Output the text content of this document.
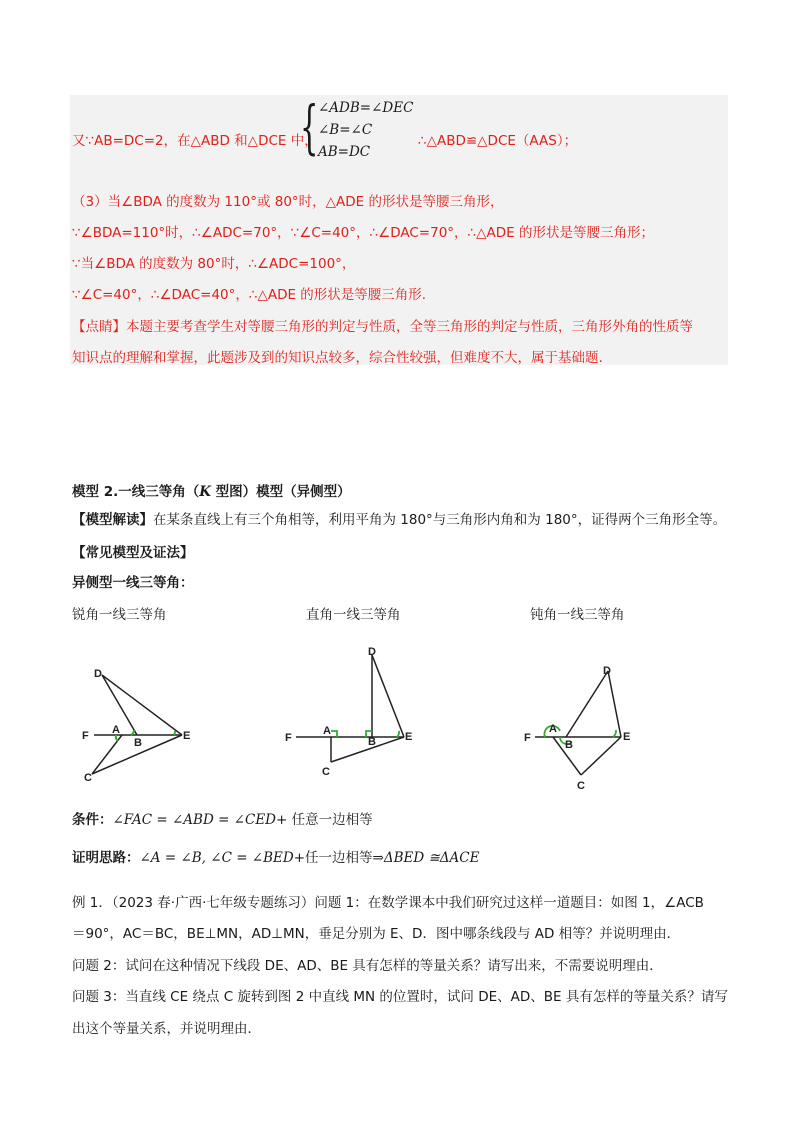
又∵AB=DC=2，在△ABD 和△DCE 中，
{ ∠ADB=∠DEC
∠B=∠C
AB=DC
∴△ABD≌△DCE（AAS）；
（3）当∠BDA 的度数为 110°或 80°时，△ADE 的形状是等腰三角形，
∵∠BDA=110°时，∴∠ADC=70°，∵∠C=40°，∴∠DAC=70°，∴△ADE 的形状是等腰三角形；
∵当∠BDA 的度数为 80°时，∴∠ADC=100°，
∵∠C=40°，∴∠DAC=40°，∴△ADE 的形状是等腰三角形.
【点睛】本题主要考查学生对等腰三角形的判定与性质，全等三角形的判定与性质，三角形外角的性质等
知识点的理解和掌握，此题涉及到的知识点较多，综合性较强，但难度不大，属于基础题.
模型 2.一线三等角（K 型图）模型（异侧型）
【模型解读】在某条直线上有三个角相等，利用平角为 180°与三角形内角和为 180°，证得两个三角形全等。
【常见模型及证法】
异侧型一线三等角：
锐角一线三等角	直角一线三等角	钝角一线三等角
D
A
B
E
F
C
D
A
B	E
F
C
D
A
B
E
F
C
条件：∠FAC = ∠ABD = ∠CED+ 任意一边相等
证明思路：∠A = ∠B, ∠C = ∠BED+任一边相等⇒ΔBED ≅ΔACE
例 1．（2023 春·广西·七年级专题练习）问题 1：在数学课本中我们研究过这样一道题目：如图 1，∠ACB
＝90°，AC＝BC，BE⊥MN，AD⊥MN，垂足分别为 E、D．图中哪条线段与 AD 相等？并说明理由．
问题 2：试问在这种情况下线段 DE、AD、BE 具有怎样的等量关系？请写出来，不需要说明理由．
问题 3：当直线 CE 绕点 C 旋转到图 2 中直线 MN 的位置时，试问 DE、AD、BE 具有怎样的等量关系？请写
出这个等量关系，并说明理由．
